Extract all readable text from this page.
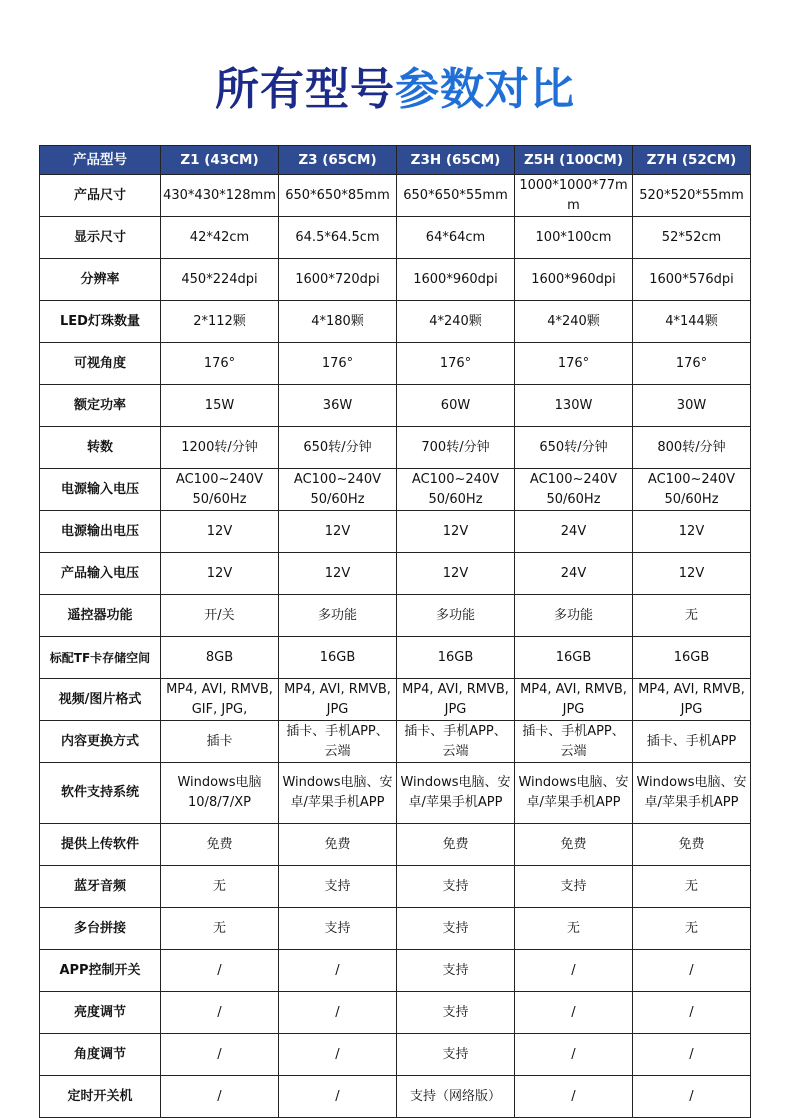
所有型号参数对比
产品型号	Z1 (43CM)	Z3 (65CM)	Z3H (65CM)	Z5H (100CM)	Z7H (52CM)
产品尺寸	430*430*128mm	650*650*85mm	650*650*55mm	1000*1000*77mm	520*520*55mm
显示尺寸	42*42cm	64.5*64.5cm	64*64cm	100*100cm	52*52cm
分辨率	450*224dpi	1600*720dpi	1600*960dpi	1600*960dpi	1600*576dpi
LED灯珠数量	2*112颗	4*180颗	4*240颗	4*240颗	4*144颗
可视角度	176°	176°	176°	176°	176°
额定功率	15W	36W	60W	130W	30W
转数	1200转/分钟	650转/分钟	700转/分钟	650转/分钟	800转/分钟
电源输入电压	AC100~240V 50/60Hz	AC100~240V 50/60Hz	AC100~240V 50/60Hz	AC100~240V 50/60Hz	AC100~240V 50/60Hz
电源输出电压	12V	12V	12V	24V	12V
产品输入电压	12V	12V	12V	24V	12V
遥控器功能	开/关	多功能	多功能	多功能	无
标配TF卡存储空间	8GB	16GB	16GB	16GB	16GB
视频/图片格式	MP4, AVI, RMVB, GIF, JPG,	MP4, AVI, RMVB, JPG	MP4, AVI, RMVB, JPG	MP4, AVI, RMVB, JPG	MP4, AVI, RMVB, JPG
内容更换方式	插卡	插卡、手机APP、云端	插卡、手机APP、云端	插卡、手机APP、云端	插卡、手机APP
软件支持系统	Windows电脑 10/8/7/XP	Windows电脑、安卓/苹果手机APP	Windows电脑、安卓/苹果手机APP	Windows电脑、安卓/苹果手机APP	Windows电脑、安卓/苹果手机APP
提供上传软件	免费	免费	免费	免费	免费
蓝牙音频	无	支持	支持	支持	无
多台拼接	无	支持	支持	无	无
APP控制开关	/	/	支持	/	/
亮度调节	/	/	支持	/	/
角度调节	/	/	支持	/	/
定时开关机	/	/	支持（网络版）	/	/
